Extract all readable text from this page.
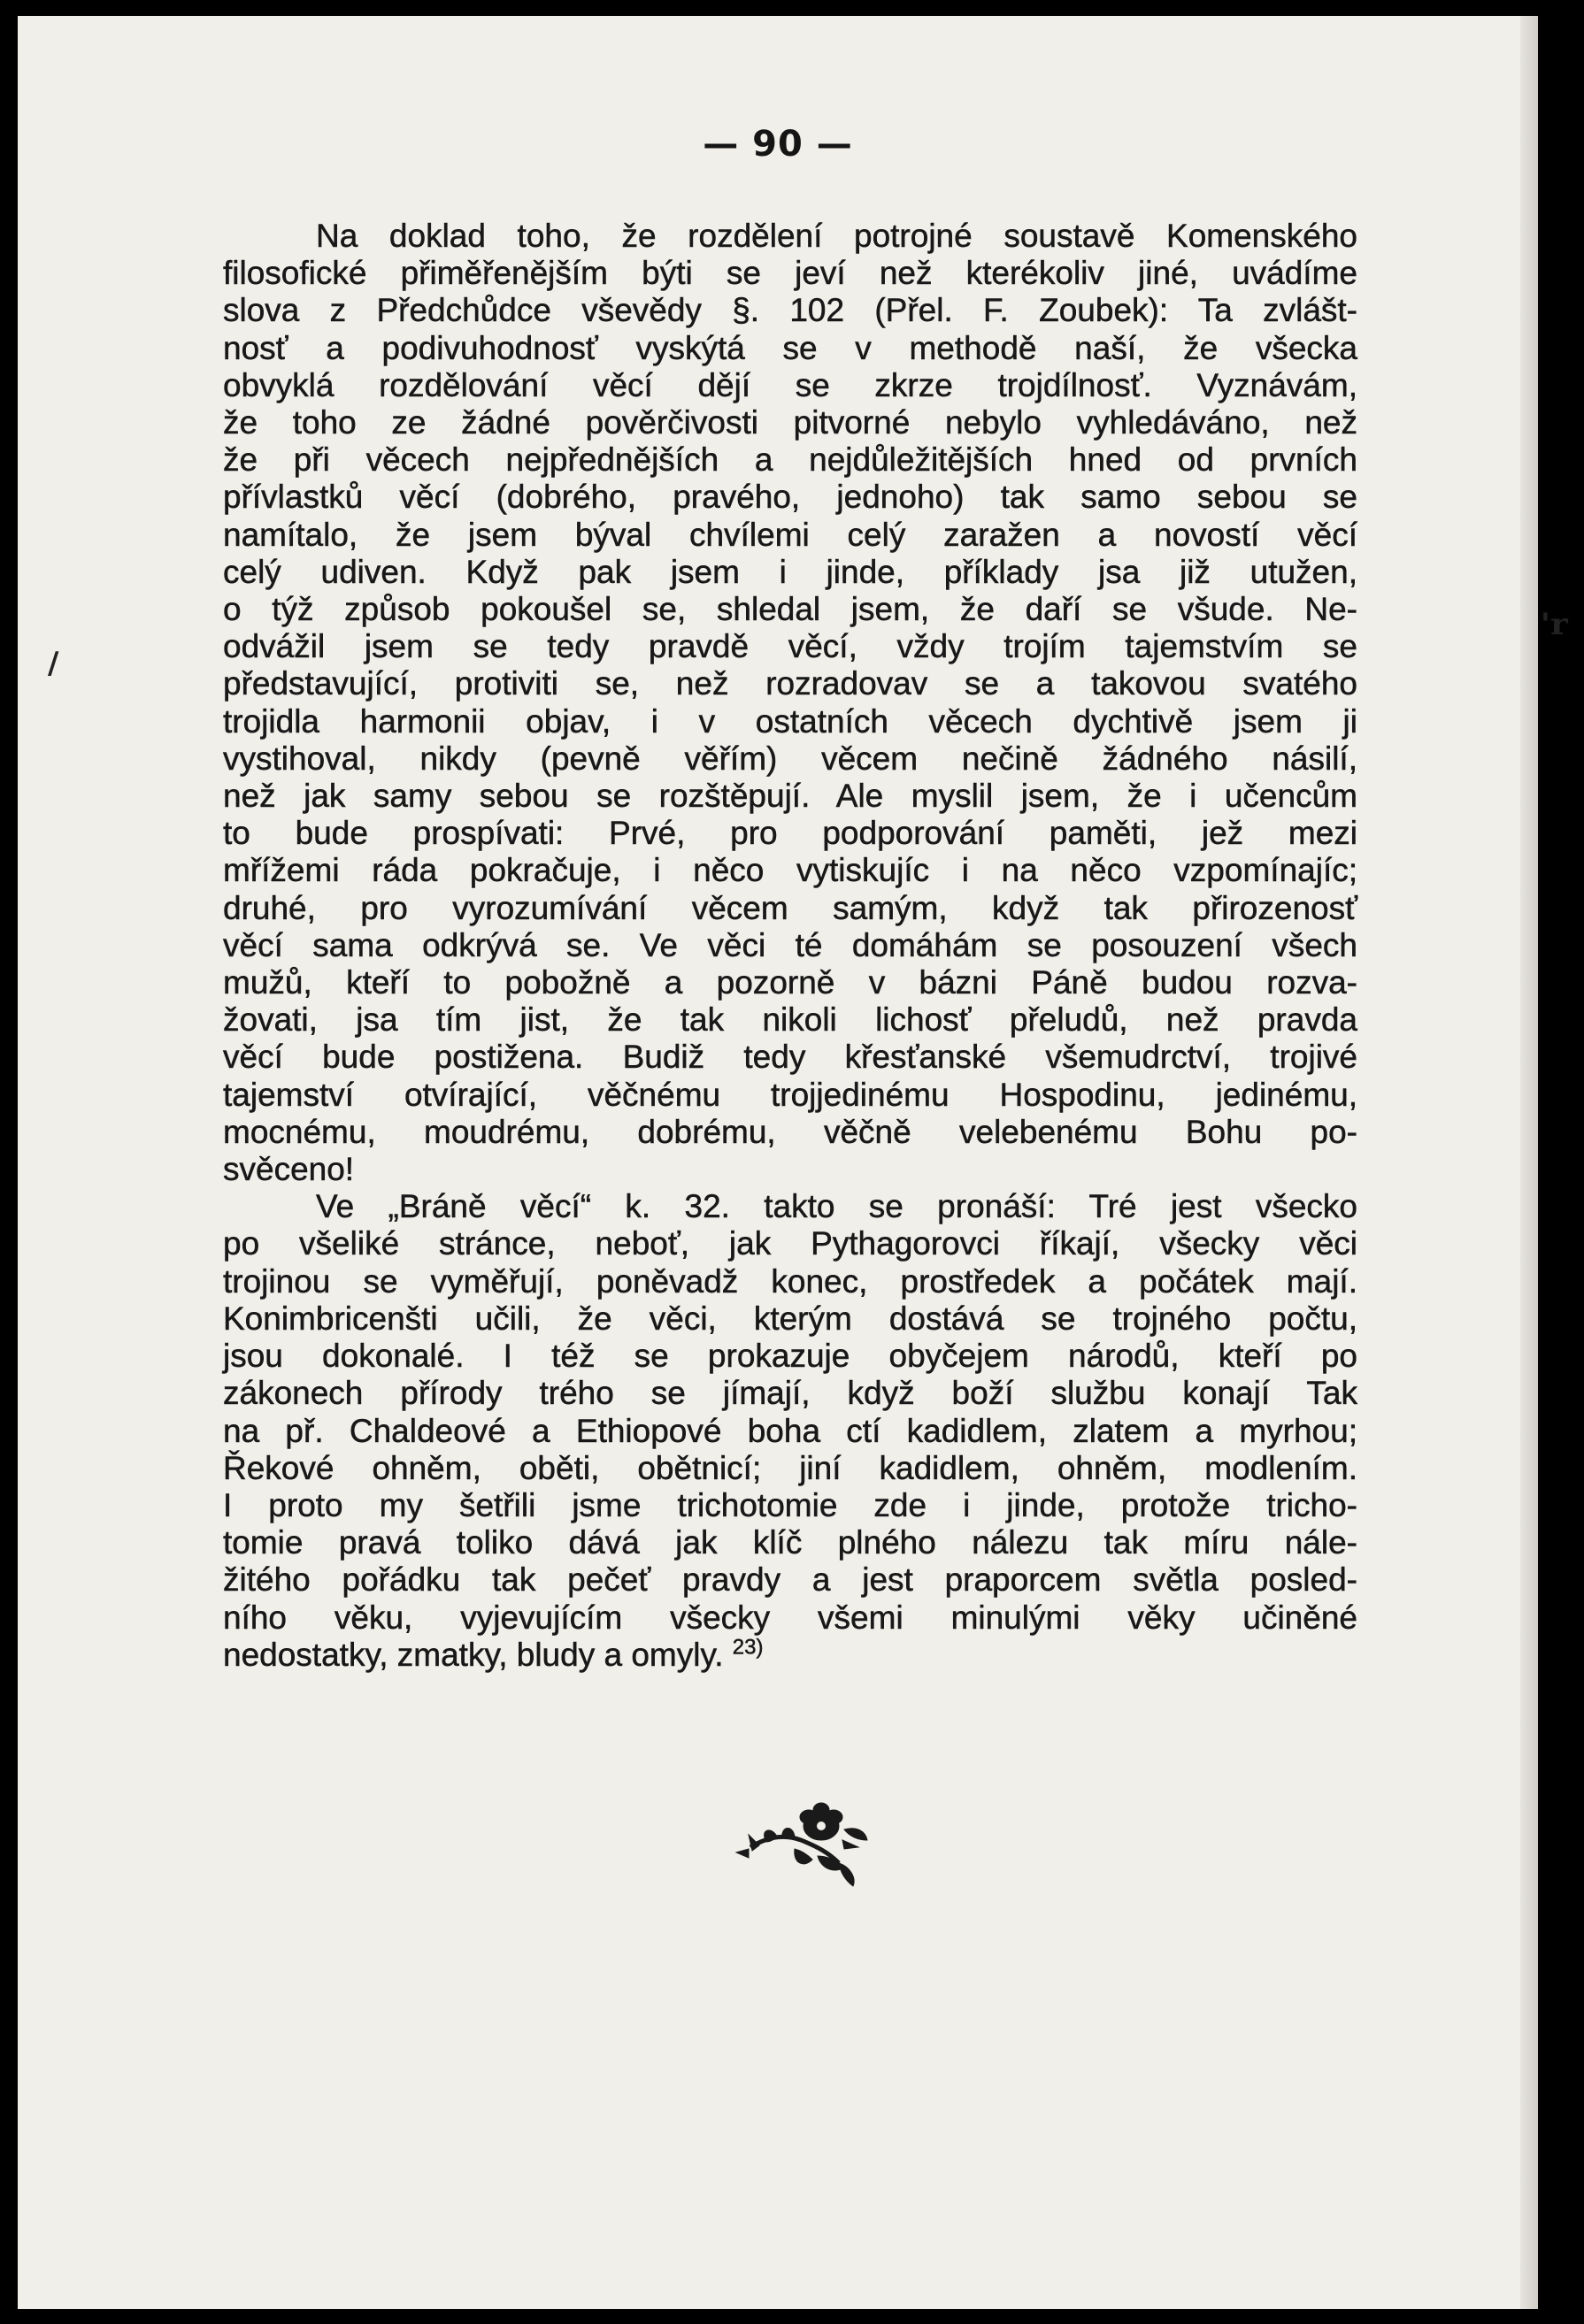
— 90 —

Na doklad toho, že rozdělení potrojné soustavě Komenského
filosofické přiměřenějším býti se jeví než kterékoliv jiné, uvádíme
slova z Předchůdce vševědy §. 102 (Přel. F. Zoubek): Ta zvlášt-
nosť a podivuhodnosť vyskýtá se v methodě naší, že všecka
obvyklá rozdělování věcí dějí se zkrze trojdílnosť. Vyznávám,
že toho ze žádné pověrčivosti pitvorné nebylo vyhledáváno, než
že při věcech nejpřednějších a nejdůležitějších hned od prvních
přívlastků věcí (dobrého, pravého, jednoho) tak samo sebou se
namítalo, že jsem býval chvílemi celý zaražen a novostí věcí
celý udiven. Když pak jsem i jinde, příklady jsa již utužen,
o týž způsob pokoušel se, shledal jsem, že daří se všude. Ne-
odvážil jsem se tedy pravdě věcí, vždy trojím tajemstvím se
představující, protiviti se, než rozradovav se a takovou svatého
trojidla harmonii objav, i v ostatních věcech dychtivě jsem ji
vystihoval, nikdy (pevně věřím) věcem nečině žádného násilí,
než jak samy sebou se rozštěpují. Ale myslil jsem, že i učencům
to bude prospívati: Prvé, pro podporování paměti, jež mezi
mřížemi ráda pokračuje, i něco vytiskujíc i na něco vzpomínajíc;
druhé, pro vyrozumívání věcem samým, když tak přirozenosť
věcí sama odkrývá se. Ve věci té domáhám se posouzení všech
mužů, kteří to pobožně a pozorně v bázni Páně budou rozva-
žovati, jsa tím jist, že tak nikoli lichosť přeludů, než pravda
věcí bude postižena. Budiž tedy křesťanské všemudrctví, trojivé
tajemství otvírající, věčnému trojjedinému Hospodinu, jedinému,
mocnému, moudrému, dobrému, věčně velebenému Bohu po-
svěceno!

Ve „Bráně věcí“ k. 32. takto se pronáší: Tré jest všecko
po všeliké stránce, neboť, jak Pythagorovci říkají, všecky věci
trojinou se vyměřují, poněvadž konec, prostředek a počátek mají.
Konimbricenšti učili, že věci, kterým dostává se trojného počtu,
jsou dokonalé. I též se prokazuje obyčejem národů, kteří po
zákonech přírody trého se jímají, když boží službu konají Tak
na př. Chaldeové a Ethiopové boha ctí kadidlem, zlatem a myrhou;
Řekové ohněm, oběti, obětnicí; jiní kadidlem, ohněm, modlením.
I proto my šetřili jsme trichotomie zde i jinde, protože tricho-
tomie pravá toliko dává jak klíč plného nálezu tak míru nále-
žitého pořádku tak pečeť pravdy a jest praporcem světla posled-
ního věku, vyjevujícím všecky všemi minulými věky učiněné
nedostatky, zmatky, bludy a omyly. $^{23)}$

/
'r
